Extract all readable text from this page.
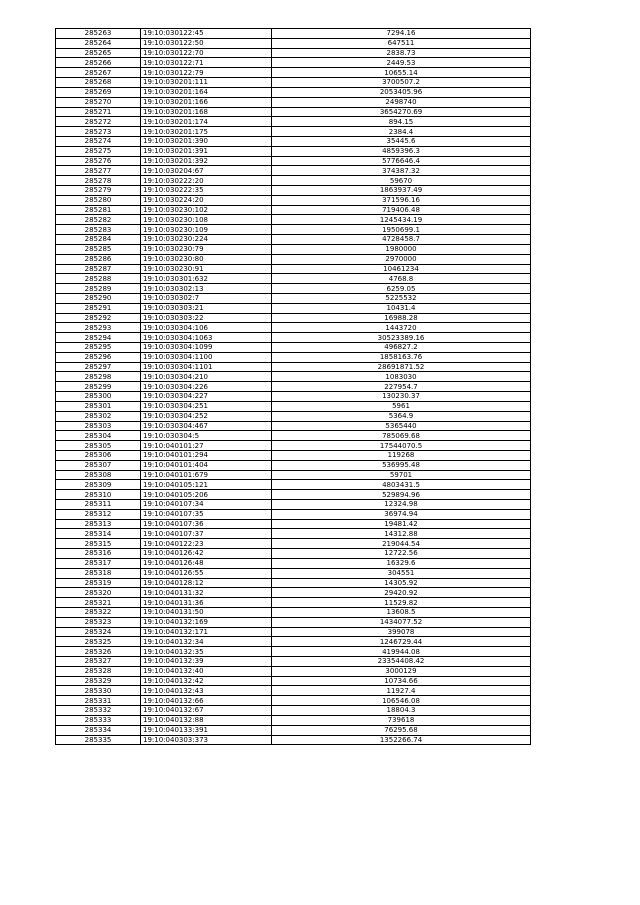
285263	19:10:030122:45	7294.16
285264	19:10:030122:50	647511
285265	19:10:030122:70	2838.73
285266	19:10:030122:71	2449.53
285267	19:10:030122:79	10655.14
285268	19:10:030201:111	3700507.2
285269	19:10:030201:164	2053405.96
285270	19:10:030201:166	2498740
285271	19:10:030201:168	3654270.69
285272	19:10:030201:174	894.15
285273	19:10:030201:175	2384.4
285274	19:10:030201:390	35445.6
285275	19:10:030201:391	4859396.3
285276	19:10:030201:392	5776646.4
285277	19:10:030204:67	374387.32
285278	19:10:030222:20	59670
285279	19:10:030222:35	1863937.49
285280	19:10:030224:20	371596.16
285281	19:10:030230:102	719406.48
285282	19:10:030230:108	1245434.19
285283	19:10:030230:109	1950699.1
285284	19:10:030230:224	4728458.7
285285	19:10:030230:79	1980000
285286	19:10:030230:80	2970000
285287	19:10:030230:91	10461234
285288	19:10:030301:632	4768.8
285289	19:10:030302:13	6259.05
285290	19:10:030302:7	5225532
285291	19:10:030303:21	10431.4
285292	19:10:030303:22	16988.28
285293	19:10:030304:106	1443720
285294	19:10:030304:1063	30523389.16
285295	19:10:030304:1099	496827.2
285296	19:10:030304:1100	1858163.76
285297	19:10:030304:1101	28691871.52
285298	19:10:030304:210	1083030
285299	19:10:030304:226	227954.7
285300	19:10:030304:227	130230.37
285301	19:10:030304:251	5961
285302	19:10:030304:252	5364.9
285303	19:10:030304:467	5365440
285304	19:10:030304:5	785069.68
285305	19:10:040101:27	17544070.5
285306	19:10:040101:294	119268
285307	19:10:040101:404	536995.48
285308	19:10:040101:679	59701
285309	19:10:040105:121	4803431.5
285310	19:10:040105:206	529894.96
285311	19:10:040107:34	12324.98
285312	19:10:040107:35	36974.94
285313	19:10:040107:36	19481.42
285314	19:10:040107:37	14312.88
285315	19:10:040122:23	219044.54
285316	19:10:040126:42	12722.56
285317	19:10:040126:48	16329.6
285318	19:10:040126:55	304551
285319	19:10:040128:12	14305.92
285320	19:10:040131:32	29420.92
285321	19:10:040131:36	11529.82
285322	19:10:040131:50	13608.5
285323	19:10:040132:169	1434077.52
285324	19:10:040132:171	399078
285325	19:10:040132:34	1246729.44
285326	19:10:040132:35	419944.08
285327	19:10:040132:39	23354408.42
285328	19:10:040132:40	3000129
285329	19:10:040132:42	10734.66
285330	19:10:040132:43	11927.4
285331	19:10:040132:66	106546.08
285332	19:10:040132:67	18804.3
285333	19:10:040132:88	739618
285334	19:10:040133:391	76295.68
285335	19:10:040303:373	1352266.74
